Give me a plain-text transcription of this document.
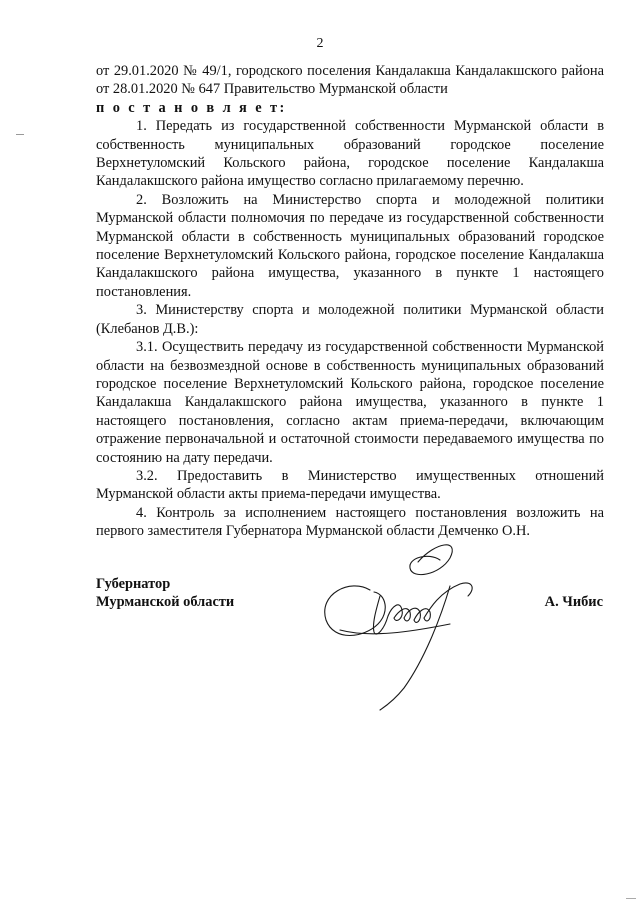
2

от 29.01.2020 № 49/1, городского поселения Кандалакша Кандалакшского района от 28.01.2020 № 647 Правительство Мурманской области

п о с т а н о в л я е т:

1. Передать из государственной собственности Мурманской области в собственность муниципальных образований городское поселение Верхнетуломский Кольского района, городское поселение Кандалакша Кандалакшского района имущество согласно прилагаемому перечню.

2. Возложить на Министерство спорта и молодежной политики Мурманской области полномочия по передаче из государственной собственности Мурманской области в собственность муниципальных образований городское поселение Верхнетуломский Кольского района, городское поселение Кандалакша Кандалакшского района имущества, указанного в пункте 1 настоящего постановления.

3. Министерству спорта и молодежной политики Мурманской области (Клебанов Д.В.):

3.1. Осуществить передачу из государственной собственности Мурманской области на безвозмездной основе в собственность муниципальных образований городское поселение Верхнетуломский Кольского района, городское поселение Кандалакша Кандалакшского района имущества, указанного в пункте 1 настоящего постановления, согласно актам приема-передачи, включающим отражение первоначальной и остаточной стоимости передаваемого имущества по состоянию на дату передачи.

3.2. Предоставить в Министерство имущественных отношений Мурманской области акты приема-передачи имущества.

4. Контроль за исполнением настоящего постановления возложить на первого заместителя Губернатора Мурманской области Демченко О.Н.

Губернатор
Мурманской области	А. Чибис
